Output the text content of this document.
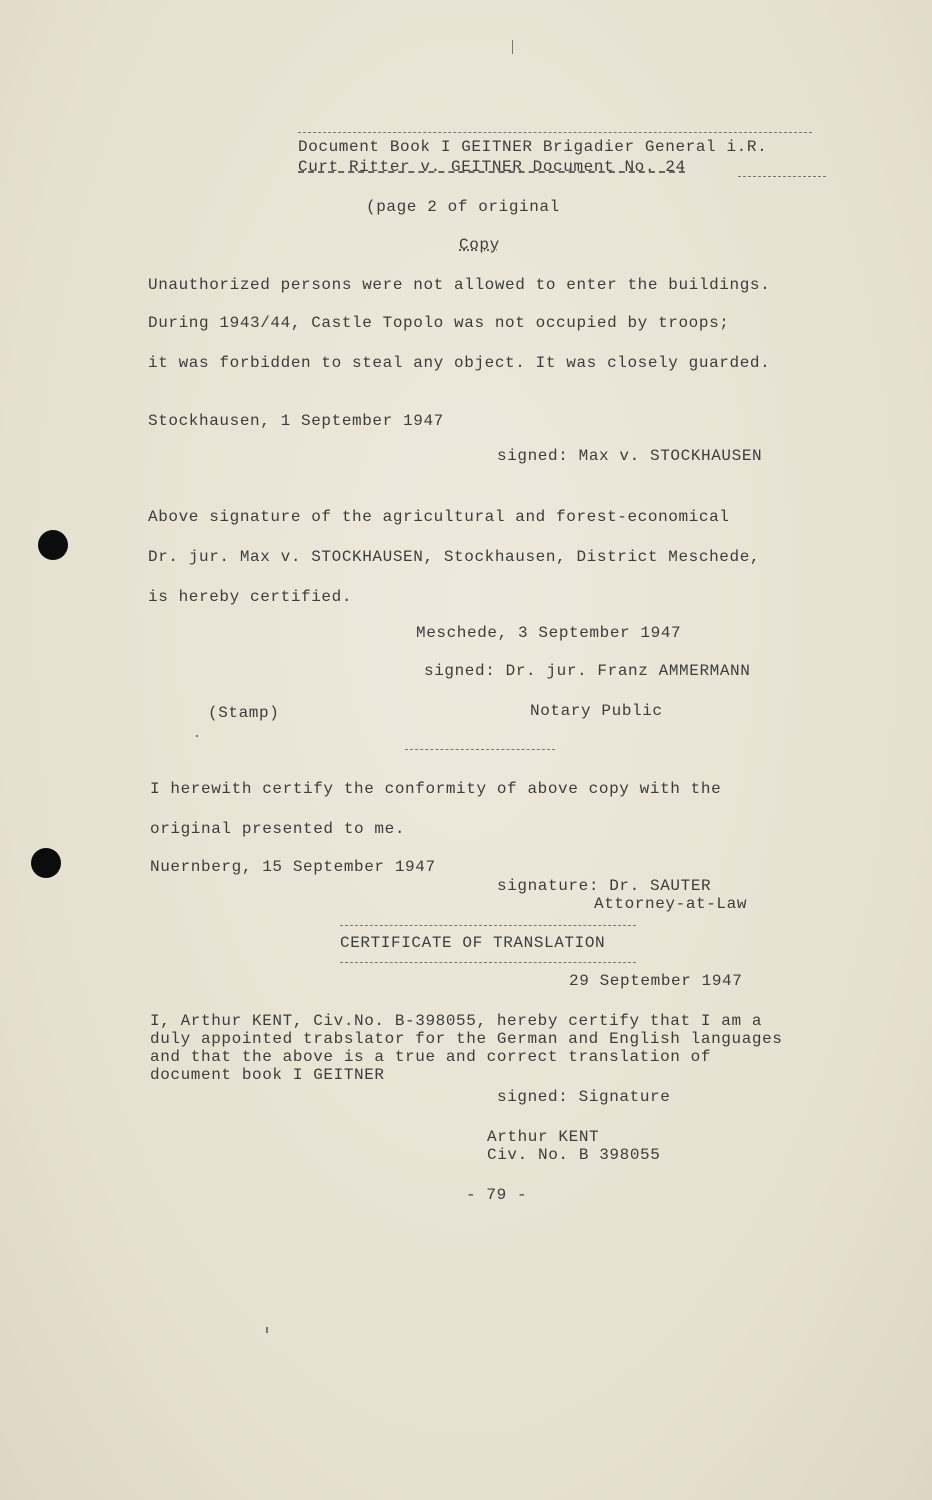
Document Book I GEITNER Brigadier General i.R.
Curt Ritter v. GEITNER Document No. 24
(page 2 of original
Copy
Unauthorized persons were not allowed to enter the buildings.
During 1943/44, Castle Topolo was not occupied by troops;
it was forbidden to steal any object. It was closely guarded.
Stockhausen, 1 September 1947
signed: Max v. STOCKHAUSEN
Above signature of the agricultural and forest-economical
Dr. jur. Max v. STOCKHAUSEN, Stockhausen, District Meschede,
is hereby certified.
Meschede, 3 September 1947
signed: Dr. jur. Franz AMMERMANN
(Stamp)	Notary Public
I herewith certify the conformity of above copy with the
original presented to me.
Nuernberg, 15 September 1947
signature: Dr. SAUTER
Attorney-at-Law
CERTIFICATE OF TRANSLATION
29 September 1947
I, Arthur KENT, Civ.No. B-398055, hereby certify that I am a
duly appointed trabslator for the German and English languages
and that the above is a true and correct translation of
document book I GEITNER
signed: Signature
Arthur KENT
Civ. No. B 398055
- 79 -
